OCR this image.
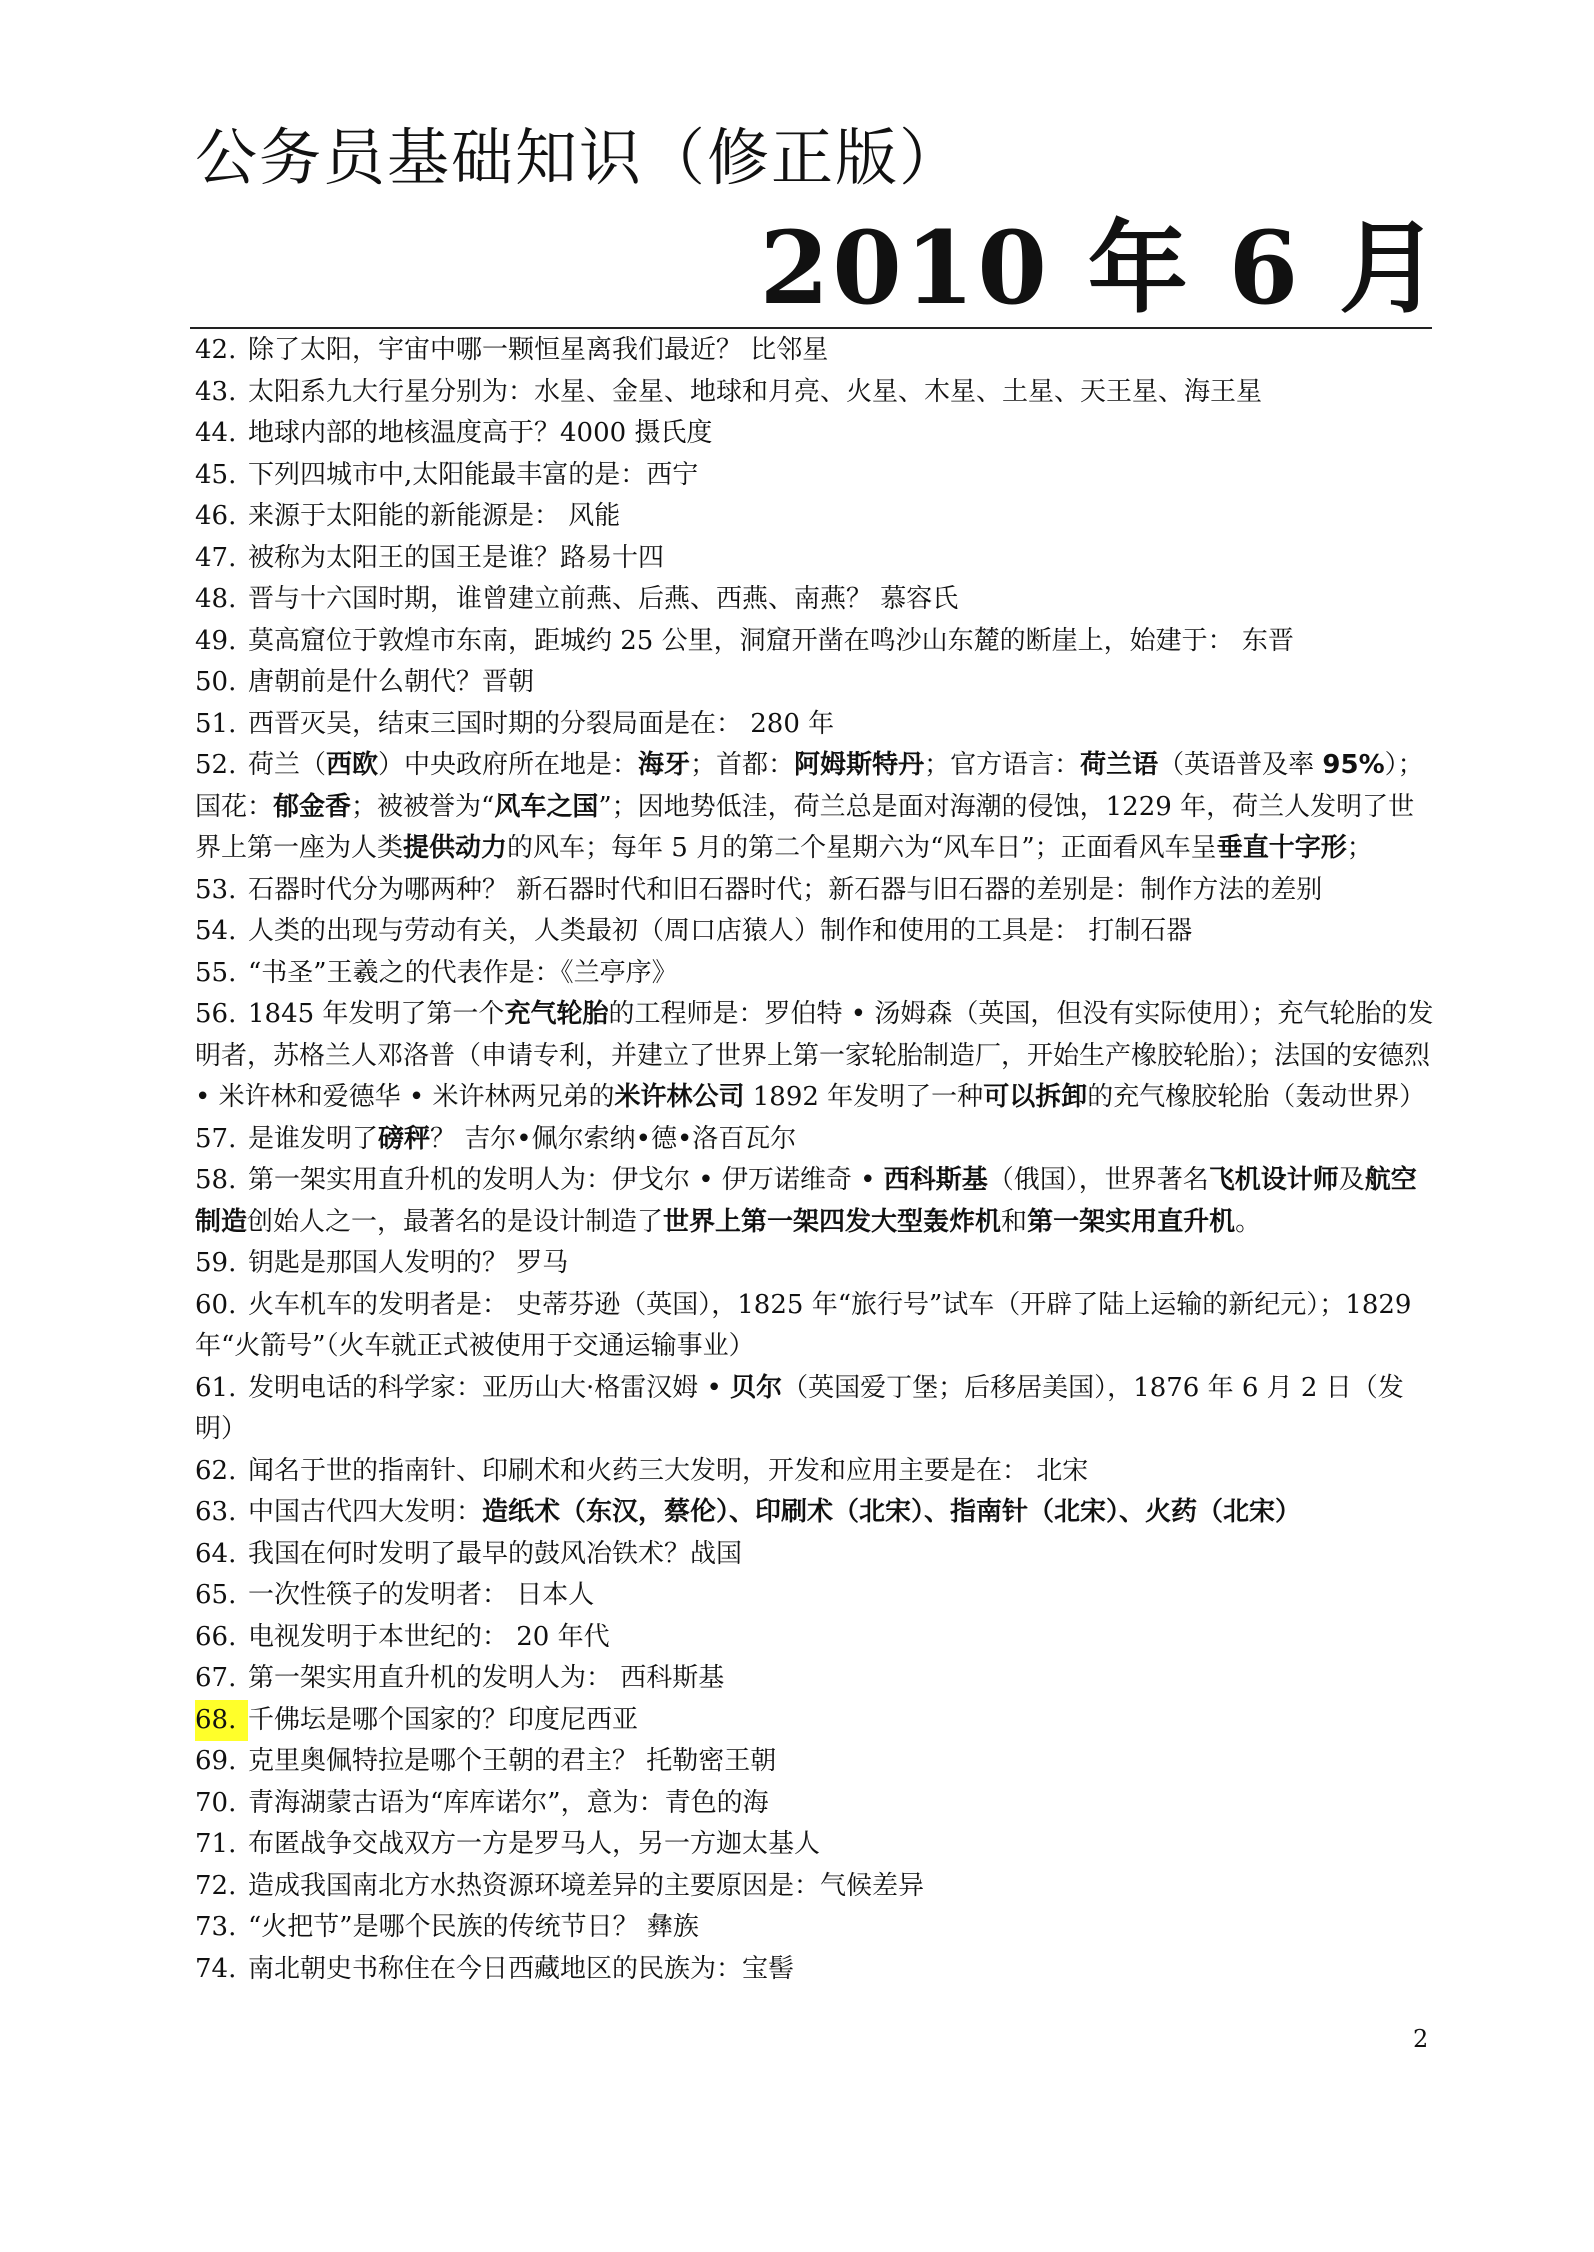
公务员基础知识（修正版）
2010 年 6 月
42. 除了太阳，宇宙中哪一颗恒星离我们最近？ 比邻星
43. 太阳系九大行星分别为：水星、金星、地球和月亮、火星、木星、土星、天王星、海王星
44. 地球内部的地核温度高于？4000 摄氏度
45. 下列四城市中,太阳能最丰富的是：西宁
46. 来源于太阳能的新能源是： 风能
47. 被称为太阳王的国王是谁？路易十四
48. 晋与十六国时期，谁曾建立前燕、后燕、西燕、南燕？ 慕容氏
49. 莫高窟位于敦煌市东南，距城约 25 公里，洞窟开凿在鸣沙山东麓的断崖上，始建于： 东晋
50. 唐朝前是什么朝代？晋朝
51. 西晋灭吴，结束三国时期的分裂局面是在： 280 年
52. 荷兰（西欧）中央政府所在地是：海牙；首都：阿姆斯特丹；官方语言：荷兰语（英语普及率 95%）；国花：郁金香；被被誉为“风车之国”；因地势低洼，荷兰总是面对海潮的侵蚀，1229 年，荷兰人发明了世界上第一座为人类提供动力的风车；每年 5 月的第二个星期六为“风车日”；正面看风车呈垂直十字形；
53. 石器时代分为哪两种？ 新石器时代和旧石器时代；新石器与旧石器的差别是：制作方法的差别
54. 人类的出现与劳动有关，人类最初（周口店猿人）制作和使用的工具是： 打制石器
55. “书圣”王羲之的代表作是：《兰亭序》
56. 1845 年发明了第一个充气轮胎的工程师是：罗伯特 • 汤姆森（英国，但没有实际使用）；充气轮胎的发明者，苏格兰人邓洛普（申请专利，并建立了世界上第一家轮胎制造厂，开始生产橡胶轮胎）；法国的安德烈 • 米许林和爱德华 • 米许林两兄弟的米许林公司 1892 年发明了一种可以拆卸的充气橡胶轮胎（轰动世界）
57. 是谁发明了磅秤？ 吉尔•佩尔索纳•德•洛百瓦尔
58. 第一架实用直升机的发明人为：伊戈尔 • 伊万诺维奇 • 西科斯基（俄国），世界著名飞机设计师及航空制造创始人之一，最著名的是设计制造了世界上第一架四发大型轰炸机和第一架实用直升机。
59. 钥匙是那国人发明的？ 罗马
60. 火车机车的发明者是： 史蒂芬逊（英国），1825 年“旅行号”试车（开辟了陆上运输的新纪元）；1829 年“火箭号”（火车就正式被使用于交通运输事业）
61. 发明电话的科学家：亚历山大·格雷汉姆 • 贝尔（英国爱丁堡；后移居美国），1876 年 6 月 2 日（发明）
62. 闻名于世的指南针、印刷术和火药三大发明，开发和应用主要是在： 北宋
63. 中国古代四大发明：造纸术（东汉，蔡伦）、印刷术（北宋）、指南针（北宋）、火药（北宋）
64. 我国在何时发明了最早的鼓风冶铁术？战国
65. 一次性筷子的发明者： 日本人
66. 电视发明于本世纪的： 20 年代
67. 第一架实用直升机的发明人为： 西科斯基
68. 千佛坛是哪个国家的？印度尼西亚
69. 克里奥佩特拉是哪个王朝的君主？ 托勒密王朝
70. 青海湖蒙古语为“库库诺尔”，意为：青色的海
71. 布匿战争交战双方一方是罗马人，另一方迦太基人
72. 造成我国南北方水热资源环境差异的主要原因是：气候差异
73. “火把节”是哪个民族的传统节日？ 彝族
74. 南北朝史书称住在今日西藏地区的民族为：宝髻
2
